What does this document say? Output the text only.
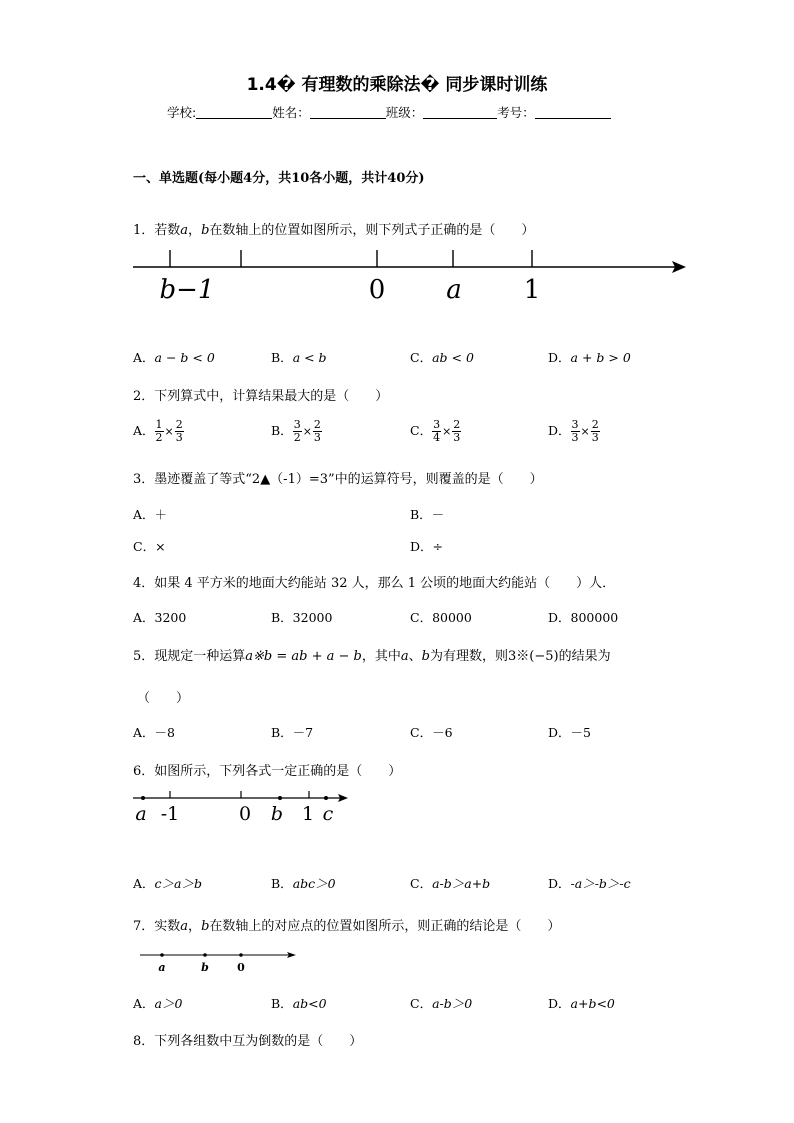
1.4� 有理数的乘除法� 同步课时训练
学校:	姓名：	班级：	考号：
一、单选题(每小题4分，共10各小题，共计40分)
1．若数a，b在数轴上的位置如图所示，则下列式子正确的是（　　）
b−1	0 a 1
a -1	0 b 1 c
a	b	0
A．a − b < 0	B．a < b	C．ab < 0	D．a + b > 0
2．下列算式中，计算结果最大的是（　　）
A． $\frac{1}{2} \times \frac{2}{3}$	B． $\frac{3}{2} \times \frac{2}{3}$	C． $\frac{3}{4} \times \frac{2}{3}$	D． $\frac{3}{3} \times \frac{2}{3}$
3．墨迹覆盖了等式“2▲（-1）=3”中的运算符号，则覆盖的是（　　）
A．＋	B．－
C．×	D．÷
4．如果 4 平方米的地面大约能站 32 人，那么 1 公顷的地面大约能站（　　）人．
A．3200	B．32000	C．80000	D．800000
5．现规定一种运算a※b = ab + a − b，其中a、b为有理数，则3※(−5)的结果为
（　　）
A．－8	B．－7	C．－6	D．－5
6．如图所示，下列各式一定正确的是（　　）
A．c＞a＞b	B．abc＞0	C．a-b＞a+b	D．-a＞-b＞-c
7．实数a，b在数轴上的对应点的位置如图所示，则正确的结论是（　　）
A．a＞0	B．ab<0	C．a-b＞0	D．a+b<0
8．下列各组数中互为倒数的是（　　）
